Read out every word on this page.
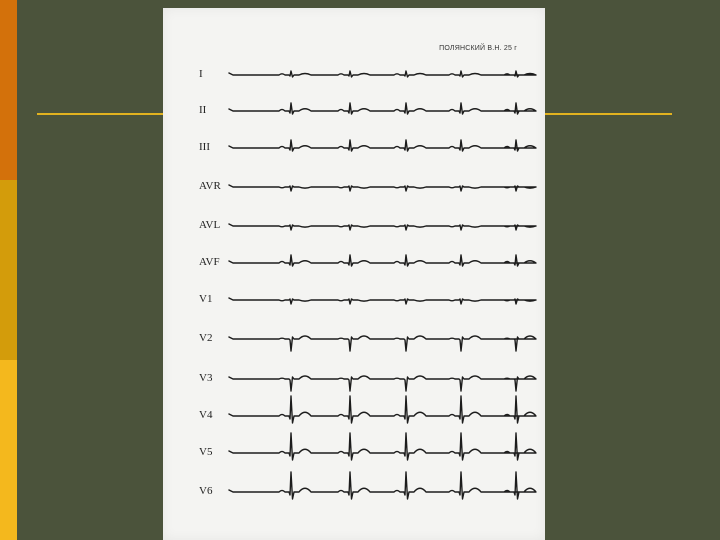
ПОЛЯНСКИЙ В.Н. 25 г
I
II
III
AVR
AVL
AVF
V1
V2
V3
V4
V5
V6
